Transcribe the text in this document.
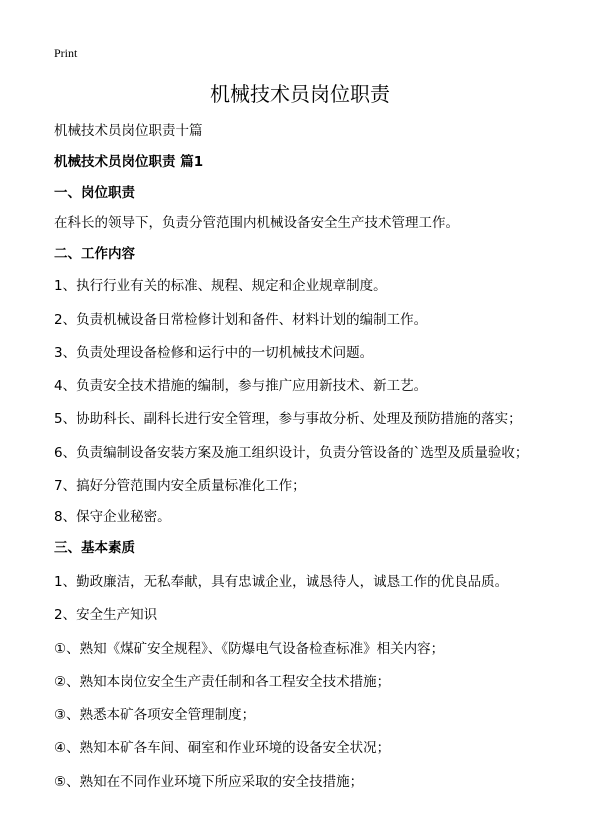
Print
机械技术员岗位职责
机械技术员岗位职责十篇
机械技术员岗位职责 篇1
一、岗位职责
在科长的领导下，负责分管范围内机械设备安全生产技术管理工作。
二、工作内容
1、执行行业有关的标准、规程、规定和企业规章制度。
2、负责机械设备日常检修计划和备件、材料计划的编制工作。
3、负责处理设备检修和运行中的一切机械技术问题。
4、负责安全技术措施的编制，参与推广应用新技术、新工艺。
5、协助科长、副科长进行安全管理，参与事故分析、处理及预防措施的落实；
6、负责编制设备安装方案及施工组织设计，负责分管设备的`选型及质量验收；
7、搞好分管范围内安全质量标准化工作；
8、保守企业秘密。
三、基本素质
1、勤政廉洁，无私奉献，具有忠诚企业，诚恳待人，诚恳工作的优良品质。
2、安全生产知识
①、熟知《煤矿安全规程》、《防爆电气设备检查标准》相关内容；
②、熟知本岗位安全生产责任制和各工程安全技术措施；
③、熟悉本矿各项安全管理制度；
④、熟知本矿各车间、硐室和作业环境的设备安全状况；
⑤、熟知在不同作业环境下所应采取的安全技措施；
